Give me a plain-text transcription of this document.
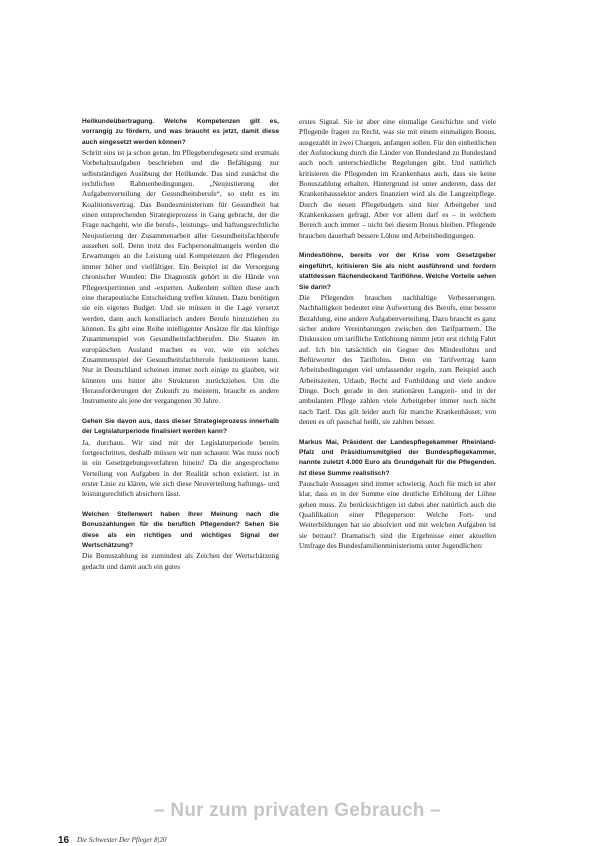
Heilkundeübertragung. Welche Kompetenzen gilt es, vorrangig zu fördern, und was braucht es jetzt, damit diese auch eingesetzt werden können?

Schritt eins ist ja schon getan. Im Pflegeberufegesetz sind erstmals Vorbehaltsaufgaben beschrieben und die Befähigung zur selbstständigen Ausübung der Heilkunde. Das sind zunächst die rechtlichen Rahmenbedingungen. „Neujustierung der Aufgabenverteilung der Gesundheitsberufe“, so steht es im Koalitionsvertrag. Das Bundesministerium für Gesundheit hat einen entsprechenden Strategieprozess in Gang gebracht, der die Frage nachgeht, wie die berufs-, leistungs- und haftungsrechtliche Neujustierung der Zusammenarbeit aller Gesundheitsfachberufe aussehen soll. Denn trotz des Fachpersonalmangels werden die Erwartungen an die Leistung und Kompetenzen der Pflegenden immer höher und vielfältiger. Ein Beispiel ist die Versorgung chronischer Wunden: Die Diagnostik gehört in die Hände von Pflegeexpertinnen und -experten. Außerdem sollten diese auch eine therapeutische Entscheidung treffen können. Dazu benötigen sie ein eigenes Budget. Und sie müssen in die Lage versetzt werden, dann auch konsiliarisch andere Berufe hinzuziehen zu können. Es gibt eine Reihe intelligenter Ansätze für das künftige Zusammenspiel von Gesundheitsfachberufen. Die Staaten im europäischen Ausland machen es vor, wie ein solches Zusammenspiel der Gesundheitsfachberufe funktionieren kann. Nur in Deutschland scheinen immer noch einige zu glauben, wir könnten uns hinter alte Strukturen zurückziehen. Um die Herausforderungen der Zukunft zu meistern, braucht es andere Instrumente als jene der vergangenen 30 Jahre.

Gehen Sie davon aus, dass dieser Strategieprozess innerhalb der Legislaturperiode finalisiert werden kann?

Ja, durchaus. Wir sind mit der Legislaturperiode bereits fortgeschritten, deshalb müssen wir nun schauen: Was muss noch in ein Gesetzgebungsverfahren hinein? Da die angesprochene Verteilung von Aufgaben in der Realität schon existiert, ist in erster Linie zu klären, wie sich diese Neuverteilung haftungs- und leistungsrechtlich absichern lässt.

Welchen Stellenwert haben Ihrer Meinung nach die Bonuszahlungen für die beruflich Pflegenden? Sehen Sie diese als ein richtiges und wichtiges Signal der Wertschätzung?

Die Bonuszahlung ist zumindest als Zeichen der Wertschätzung gedacht und damit auch ein gutes

erstes Signal. Sie ist aber eine einmalige Geschichte und viele Pflegende fragen zu Recht, was sie mit einem einmaligen Bonus, ausgezahlt in zwei Chargen, anfangen sollen. Für den einheitlichen der Aufstockung durch die Länder von Bundesland zu Bundesland auch noch unterschiedliche Regelungen gibt. Und natürlich kritisieren die Pflegenden im Krankenhaus auch, dass sie keine Bonuszahlung erhalten. Hintergrund ist unter anderem, dass der Krankenhaussektor anders finanziert wird als die Langzeitpflege. Durch die neuen Pflegebudgets sind hier Arbeitgeber und Krankenkassen gefragt. Aber vor allem darf es – in welchem Bereich auch immer – nicht bei diesem Bonus bleiben. Pflegende brauchen dauerhaft bessere Löhne und Arbeitsbedingungen.

Mindestlöhne, bereits vor der Krise vom Gesetzgeber eingeführt, kritisieren Sie als nicht ausführend und fordern stattdessen flächendeckend Tariflöhne. Welche Vorteile sehen Sie darin?

Die Pflegenden brauchen nachhaltige Verbesserungen. Nachhaltigkeit bedeutet eine Aufwertung des Berufs, eine bessere Bezahlung, eine andere Aufgabenverteilung. Dazu braucht es ganz sicher andere Vereinbarungen zwischen den Tarifpartnern. Die Diskussion um tarifliche Entlohnung nimmt jetzt erst richtig Fahrt auf. Ich bin tatsächlich ein Gegner des Mindestlohns und Befürworter des Tariflohns. Denn ein Tarifvertrag kann Arbeitsbedingungen viel umfassender regeln, zum Beispiel auch Arbeitszeiten, Urlaub, Recht auf Fortbildung und viele andere Dinge. Doch gerade in den stationären Langzeit- und in der ambulanten Pflege zahlen viele Arbeitgeber immer noch nicht nach Tarif. Das gilt leider auch für manche Krankenhäuser, von denen es oft pauschal heißt, sie zahlten besser.

Markus Mai, Präsident der Landespflegekammer Rheinland-Pfalz und Präsidiumsmitglied der Bundespflegekammer, nannte zuletzt 4.000 Euro als Grundgehalt für die Pflegenden. Ist diese Summe realistisch?

Pauschale Aussagen sind immer schwierig. Auch für mich ist aber klar, dass es in der Summe eine deutliche Erhöhung der Löhne geben muss. Zu berücksichtigen ist dabei aber natürlich auch die Qualifikation einer Pflegeperson: Welche Fort- und Weiterbildungen hat sie absolviert und mit welchen Aufgaben ist sie betraut? Dramatisch sind die Ergebnisse einer aktuellen Umfrage des Bundesfamilienministeriums unter Jugendlichen:

16 Die Schwester Der Pfleger 8|20
– Nur zum privaten Gebrauch –
